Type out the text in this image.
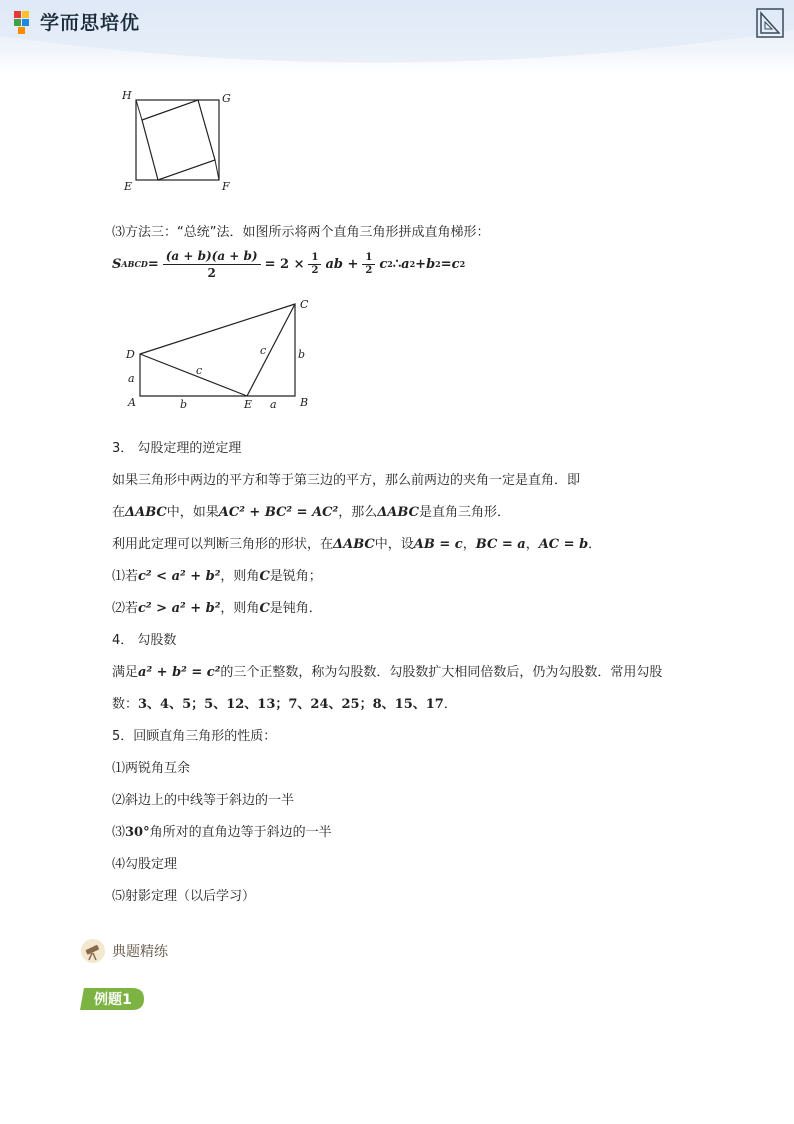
学而思培优
H	G
E	F
⑶方法三：“总统”法．如图所示将两个直角三角形拼成直角梯形：
S ABCD = $\frac{(a + b)(a + b)}{2} = 2 \times \frac{1}{2}$ ab + $\frac{1}{2}$ c 2 ∴ a 2 + b 2 = c 2
C
D
A	B
E
a
a
b
b
c
c
3． 勾股定理的逆定理
如果三角形中两边的平方和等于第三边的平方，那么前两边的夹角一定是直角．即
在ΔABC中，如果AC² + BC² = AC²，那么ΔABC是直角三角形．
利用此定理可以判断三角形的形状，在ΔABC中，设AB = c，BC = a，AC = b．
⑴若c² < a² + b²，则角C是锐角；
⑵若c² > a² + b²，则角C是钝角．
4． 勾股数
满足a² + b² = c²的三个正整数，称为勾股数．勾股数扩大相同倍数后，仍为勾股数．常用勾股
数：3、4、5；5、12、13；7、24、25；8、15、17．
5．回顾直角三角形的性质：
⑴两锐角互余
⑵斜边上的中线等于斜边的一半
⑶30°角所对的直角边等于斜边的一半
⑷勾股定理
⑸射影定理（以后学习）
典题精练
例题1
